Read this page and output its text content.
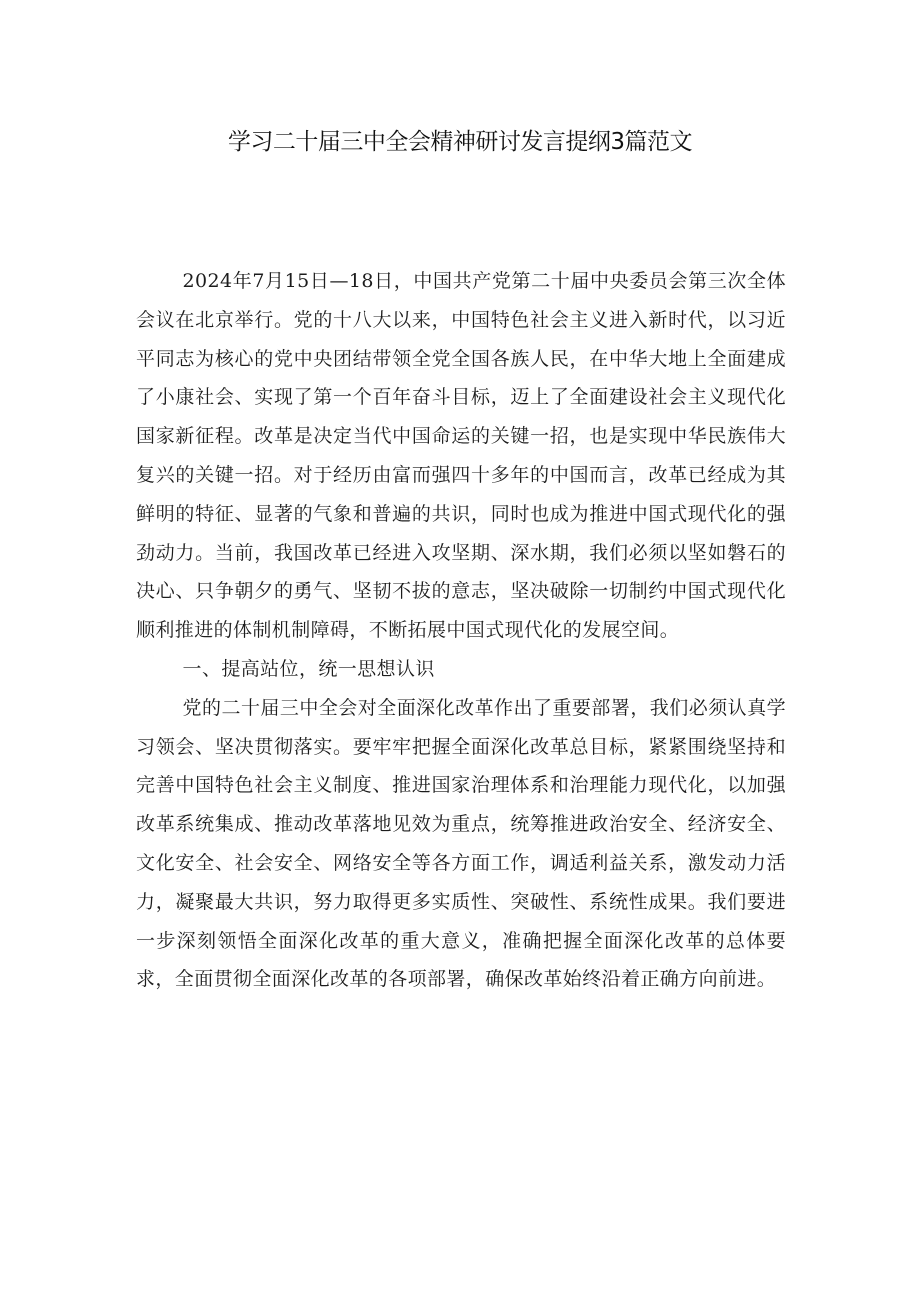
学习二十届三中全会精神研讨发言提纲3篇范文

2024年7月15日—18日，中国共产党第二十届中央委员会第三次全体会议在北京举行。党的十八大以来，中国特色社会主义进入新时代，以习近平同志为核心的党中央团结带领全党全国各族人民，在中华大地上全面建成了小康社会、实现了第一个百年奋斗目标，迈上了全面建设社会主义现代化国家新征程。改革是决定当代中国命运的关键一招，也是实现中华民族伟大复兴的关键一招。对于经历由富而强四十多年的中国而言，改革已经成为其鲜明的特征、显著的气象和普遍的共识，同时也成为推进中国式现代化的强劲动力。当前，我国改革已经进入攻坚期、深水期，我们必须以坚如磐石的决心、只争朝夕的勇气、坚韧不拔的意志，坚决破除一切制约中国式现代化顺利推进的体制机制障碍，不断拓展中国式现代化的发展空间。

一、提高站位，统一思想认识

党的二十届三中全会对全面深化改革作出了重要部署，我们必须认真学习领会、坚决贯彻落实。要牢牢把握全面深化改革总目标，紧紧围绕坚持和完善中国特色社会主义制度、推进国家治理体系和治理能力现代化，以加强改革系统集成、推动改革落地见效为重点，统筹推进政治安全、经济安全、文化安全、社会安全、网络安全等各方面工作，调适利益关系，激发动力活力，凝聚最大共识，努力取得更多实质性、突破性、系统性成果。我们要进一步深刻领悟全面深化改革的重大意义，准确把握全面深化改革的总体要求，全面贯彻全面深化改革的各项部署，确保改革始终沿着正确方向前进。
